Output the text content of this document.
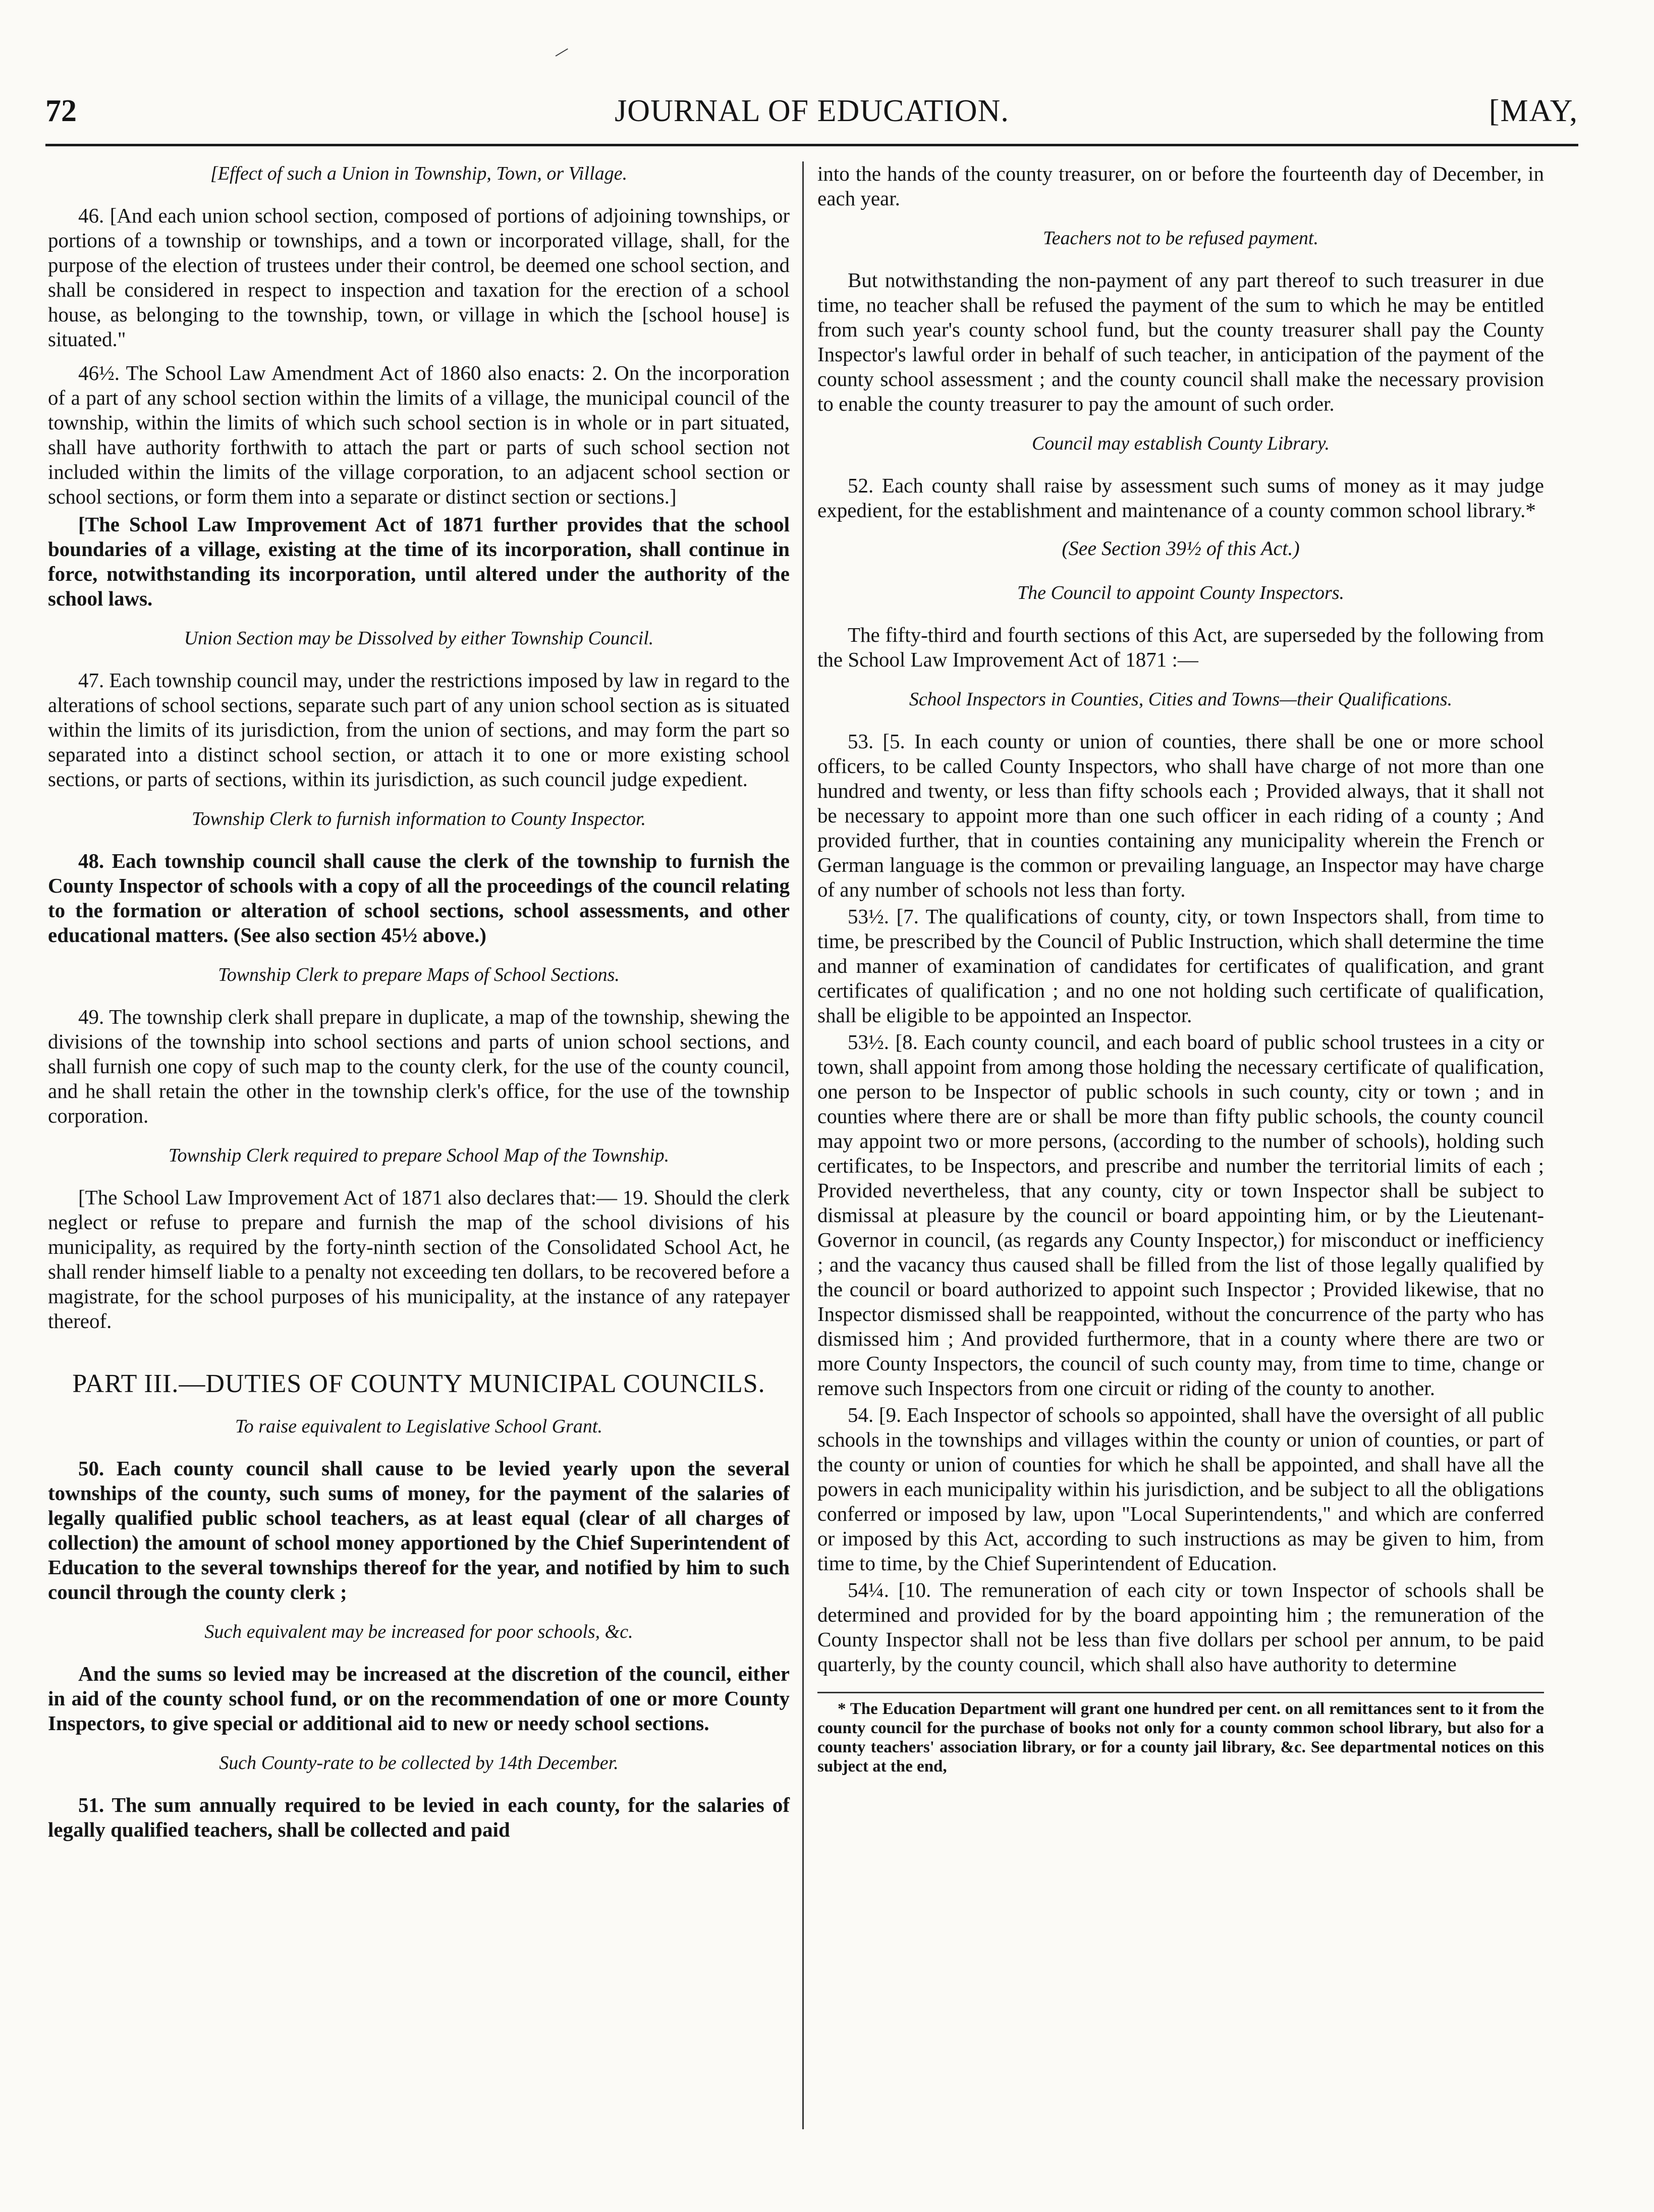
/
72	JOURNAL OF EDUCATION.	[MAY,
[Effect of such a Union in Township, Town, or Village.

46. [And each union school section, composed of portions of adjoining townships, or portions of a township or townships, and a town or incorporated village, shall, for the purpose of the election of trustees under their control, be deemed one school section, and shall be considered in respect to inspection and taxation for the erection of a school house, as belonging to the township, town, or village in which the [school house] is situated."

46½. The School Law Amendment Act of 1860 also enacts: 2. On the incorporation of a part of any school section within the limits of a village, the municipal council of the township, within the limits of which such school section is in whole or in part situated, shall have authority forthwith to attach the part or parts of such school section not included within the limits of the village corporation, to an adjacent school section or school sections, or form them into a separate or distinct section or sections.]

[The School Law Improvement Act of 1871 further provides that the school boundaries of a village, existing at the time of its incorporation, shall continue in force, notwithstanding its incorporation, until altered under the authority of the school laws.

Union Section may be Dissolved by either Township Council.

47. Each township council may, under the restrictions imposed by law in regard to the alterations of school sections, separate such part of any union school section as is situated within the limits of its jurisdiction, from the union of sections, and may form the part so separated into a distinct school section, or attach it to one or more existing school sections, or parts of sections, within its jurisdiction, as such council judge expedient.

Township Clerk to furnish information to County Inspector.

48. Each township council shall cause the clerk of the township to furnish the County Inspector of schools with a copy of all the proceedings of the council relating to the formation or alteration of school sections, school assessments, and other educational matters. (See also section 45½ above.)

Township Clerk to prepare Maps of School Sections.

49. The township clerk shall prepare in duplicate, a map of the township, shewing the divisions of the township into school sections and parts of union school sections, and shall furnish one copy of such map to the county clerk, for the use of the county council, and he shall retain the other in the township clerk's office, for the use of the township corporation.

Township Clerk required to prepare School Map of the Township.

[The School Law Improvement Act of 1871 also declares that:— 19. Should the clerk neglect or refuse to prepare and furnish the map of the school divisions of his municipality, as required by the forty-ninth section of the Consolidated School Act, he shall render himself liable to a penalty not exceeding ten dollars, to be recovered before a magistrate, for the school purposes of his municipality, at the instance of any ratepayer thereof.

PART III.—DUTIES OF COUNTY MUNICIPAL COUNCILS.
To raise equivalent to Legislative School Grant.

50. Each county council shall cause to be levied yearly upon the several townships of the county, such sums of money, for the payment of the salaries of legally qualified public school teachers, as at least equal (clear of all charges of collection) the amount of school money apportioned by the Chief Superintendent of Education to the several townships thereof for the year, and notified by him to such council through the county clerk ;

Such equivalent may be increased for poor schools, &c.

And the sums so levied may be increased at the discretion of the council, either in aid of the county school fund, or on the recommendation of one or more County Inspectors, to give special or additional aid to new or needy school sections.

Such County-rate to be collected by 14th December.

51. The sum annually required to be levied in each county, for the salaries of legally qualified teachers, shall be collected and paid

into the hands of the county treasurer, on or before the fourteenth day of December, in each year.

Teachers not to be refused payment.

But notwithstanding the non-payment of any part thereof to such treasurer in due time, no teacher shall be refused the payment of the sum to which he may be entitled from such year's county school fund, but the county treasurer shall pay the County Inspector's lawful order in behalf of such teacher, in anticipation of the payment of the county school assessment ; and the county council shall make the necessary provision to enable the county treasurer to pay the amount of such order.

Council may establish County Library.

52. Each county shall raise by assessment such sums of money as it may judge expedient, for the establishment and maintenance of a county common school library.*

(See Section 39½ of this Act.)
The Council to appoint County Inspectors.

The fifty-third and fourth sections of this Act, are superseded by the following from the School Law Improvement Act of 1871 :—

School Inspectors in Counties, Cities and Towns—their Qualifications.

53. [5. In each county or union of counties, there shall be one or more school officers, to be called County Inspectors, who shall have charge of not more than one hundred and twenty, or less than fifty schools each ; Provided always, that it shall not be necessary to appoint more than one such officer in each riding of a county ; And provided further, that in counties containing any municipality wherein the French or German language is the common or prevailing language, an Inspector may have charge of any number of schools not less than forty.

53½. [7. The qualifications of county, city, or town Inspectors shall, from time to time, be prescribed by the Council of Public Instruction, which shall determine the time and manner of examination of candidates for certificates of qualification, and grant certificates of qualification ; and no one not holding such certificate of qualification, shall be eligible to be appointed an Inspector.

53½. [8. Each county council, and each board of public school trustees in a city or town, shall appoint from among those holding the necessary certificate of qualification, one person to be Inspector of public schools in such county, city or town ; and in counties where there are or shall be more than fifty public schools, the county council may appoint two or more persons, (according to the number of schools), holding such certificates, to be Inspectors, and prescribe and number the territorial limits of each ; Provided nevertheless, that any county, city or town Inspector shall be subject to dismissal at pleasure by the council or board appointing him, or by the Lieutenant-Governor in council, (as regards any County Inspector,) for misconduct or inefficiency ; and the vacancy thus caused shall be filled from the list of those legally qualified by the council or board authorized to appoint such Inspector ; Provided likewise, that no Inspector dismissed shall be reappointed, without the concurrence of the party who has dismissed him ; And provided furthermore, that in a county where there are two or more County Inspectors, the council of such county may, from time to time, change or remove such Inspectors from one circuit or riding of the county to another.

54. [9. Each Inspector of schools so appointed, shall have the oversight of all public schools in the townships and villages within the county or union of counties, or part of the county or union of counties for which he shall be appointed, and shall have all the powers in each municipality within his jurisdiction, and be subject to all the obligations conferred or imposed by law, upon "Local Superintendents," and which are conferred or imposed by this Act, according to such instructions as may be given to him, from time to time, by the Chief Superintendent of Education.

54¼. [10. The remuneration of each city or town Inspector of schools shall be determined and provided for by the board appointing him ; the remuneration of the County Inspector shall not be less than five dollars per school per annum, to be paid quarterly, by the county council, which shall also have authority to determine

* The Education Department will grant one hundred per cent. on all remittances sent to it from the county council for the purchase of books not only for a county common school library, but also for a county teachers' association library, or for a county jail library, &c. See departmental notices on this subject at the end,
